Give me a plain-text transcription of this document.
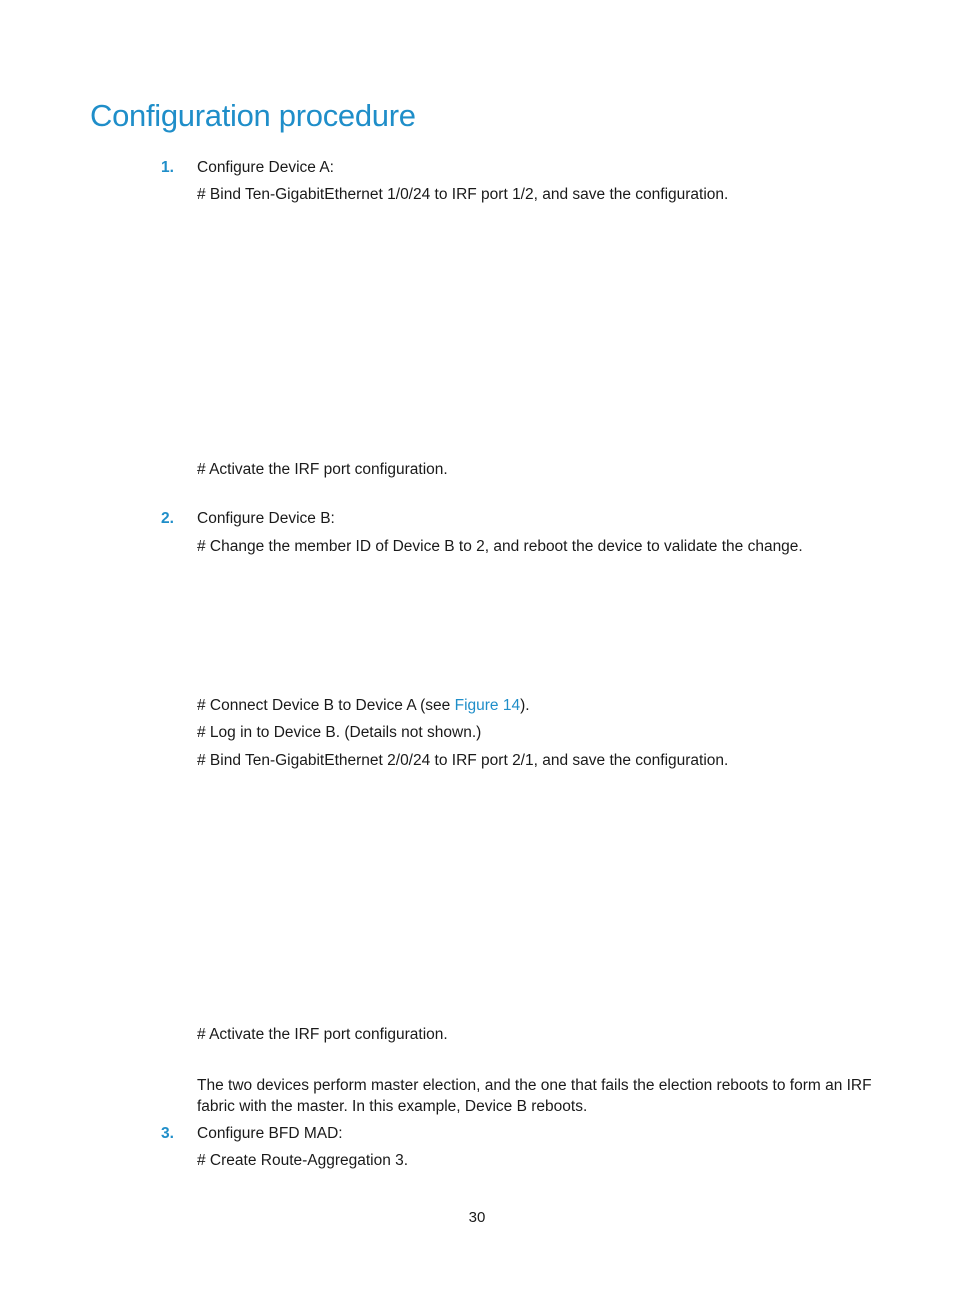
Configuration procedure
1. Configure Device A:
# Bind Ten-GigabitEthernet 1/0/24 to IRF port 1/2, and save the configuration.
# Activate the IRF port configuration.
2. Configure Device B:
# Change the member ID of Device B to 2, and reboot the device to validate the change.
# Connect Device B to Device A (see Figure 14).
# Log in to Device B. (Details not shown.)
# Bind Ten-GigabitEthernet 2/0/24 to IRF port 2/1, and save the configuration.
# Activate the IRF port configuration.
The two devices perform master election, and the one that fails the election reboots to form an IRF fabric with the master. In this example, Device B reboots.
3. Configure BFD MAD:
# Create Route-Aggregation 3.
30
